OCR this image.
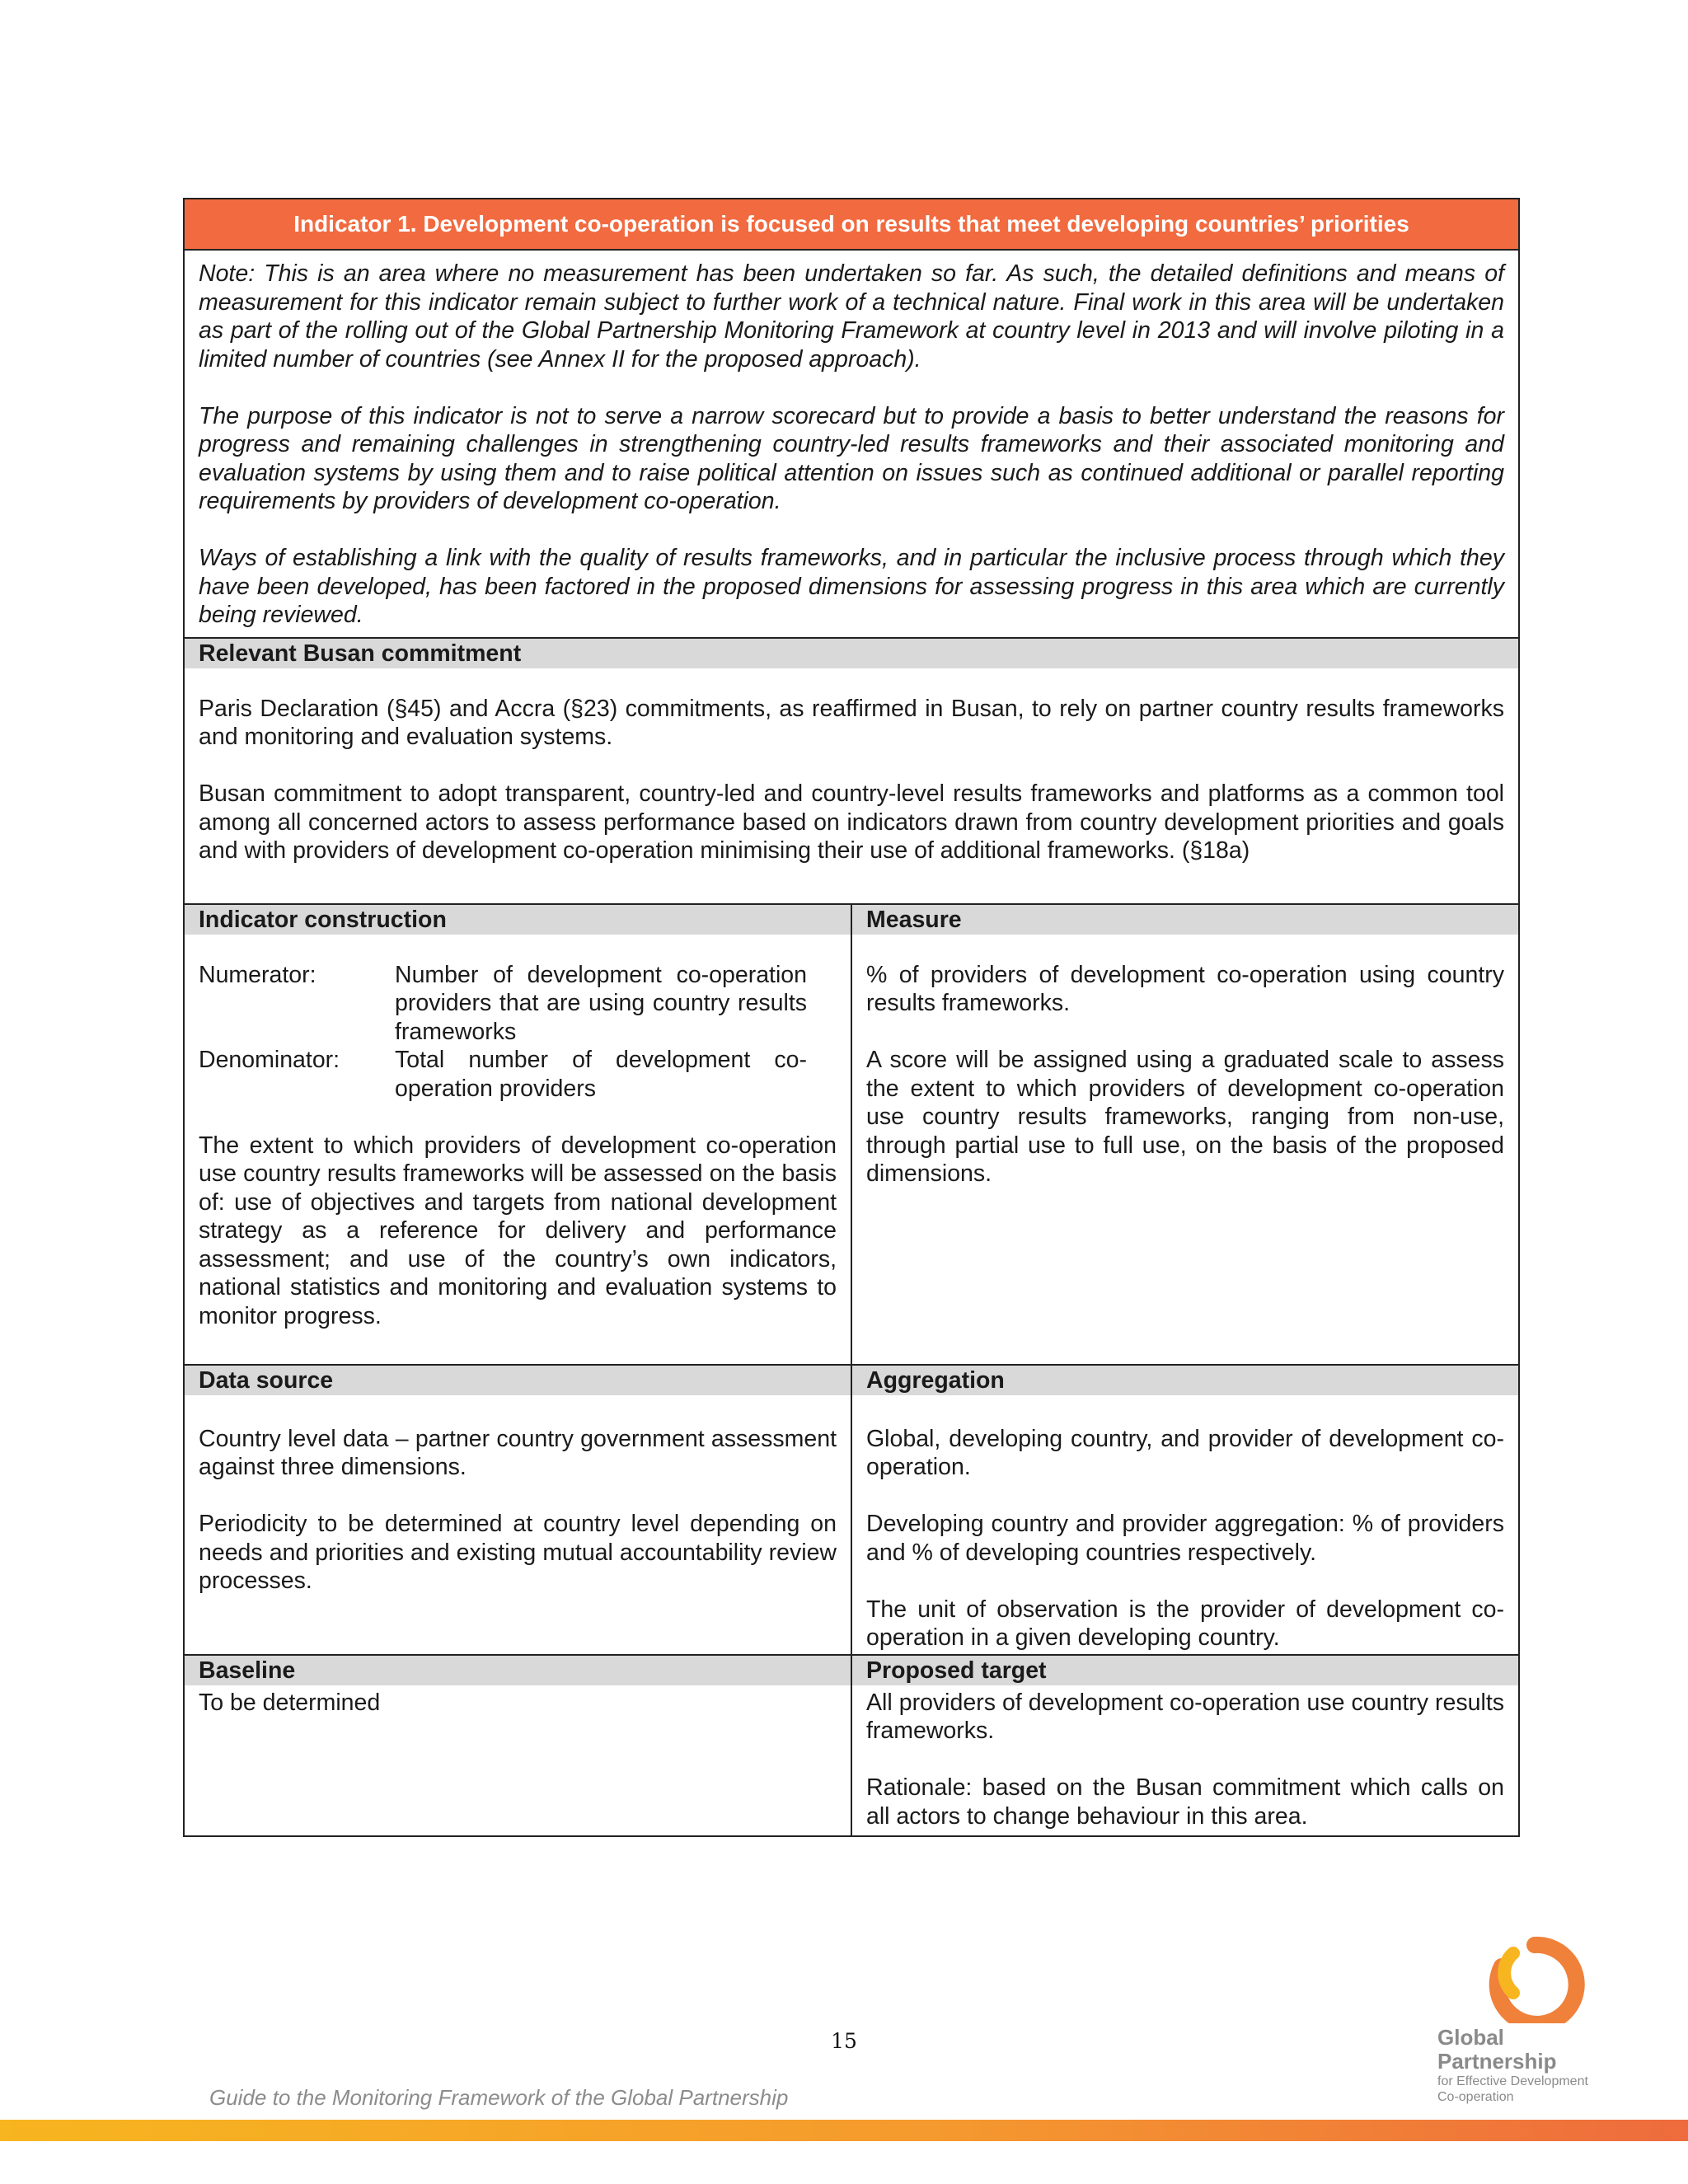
Indicator 1. Development co-operation is focused on results that meet developing countries’ priorities

Note: This is an area where no measurement has been undertaken so far. As such, the detailed definitions and means of measurement for this indicator remain subject to further work of a technical nature. Final work in this area will be undertaken as part of the rolling out of the Global Partnership Monitoring Framework at country level in 2013 and will involve piloting in a limited number of countries (see Annex II for the proposed approach).

The purpose of this indicator is not to serve a narrow scorecard but to provide a basis to better understand the reasons for progress and remaining challenges in strengthening country-led results frameworks and their associated monitoring and evaluation systems by using them and to raise political attention on issues such as continued additional or parallel reporting requirements by providers of development co-operation.

Ways of establishing a link with the quality of results frameworks, and in particular the inclusive process through which they have been developed, has been factored in the proposed dimensions for assessing progress in this area which are currently being reviewed.

Relevant Busan commitment

Paris Declaration (§45) and Accra (§23) commitments, as reaffirmed in Busan, to rely on partner country results frameworks and monitoring and evaluation systems.

Busan commitment to adopt transparent, country-led and country-level results frameworks and platforms as a common tool among all concerned actors to assess performance based on indicators drawn from country development priorities and goals and with providers of development co-operation minimising their use of additional frameworks. (§18a)

Indicator construction
Numerator:	Number of development co-operation providers that are using country results frameworks
Denominator:	Total number of development co-operation providers

The extent to which providers of development co-operation use country results frameworks will be assessed on the basis of: use of objectives and targets from national development strategy as a reference for delivery and performance assessment; and use of the country’s own indicators, national statistics and monitoring and evaluation systems to monitor progress.

Measure

% of providers of development co-operation using country results frameworks.

A score will be assigned using a graduated scale to assess the extent to which providers of development co-operation use country results frameworks, ranging from non-use, through partial use to full use, on the basis of the proposed dimensions.

Data source

Country level data – partner country government assessment against three dimensions.

Periodicity to be determined at country level depending on needs and priorities and existing mutual accountability review processes.

Aggregation

Global, developing country, and provider of development co-operation.

Developing country and provider aggregation: % of providers and % of developing countries respectively.

The unit of observation is the provider of development co-operation in a given developing country.

Baseline

To be determined

Proposed target

All providers of development co-operation use country results frameworks.

Rationale: based on the Busan commitment which calls on all actors to change behaviour in this area.

Global
Partnership
for Effective Development
Co-operation
15
Guide to the Monitoring Framework of the Global Partnership
